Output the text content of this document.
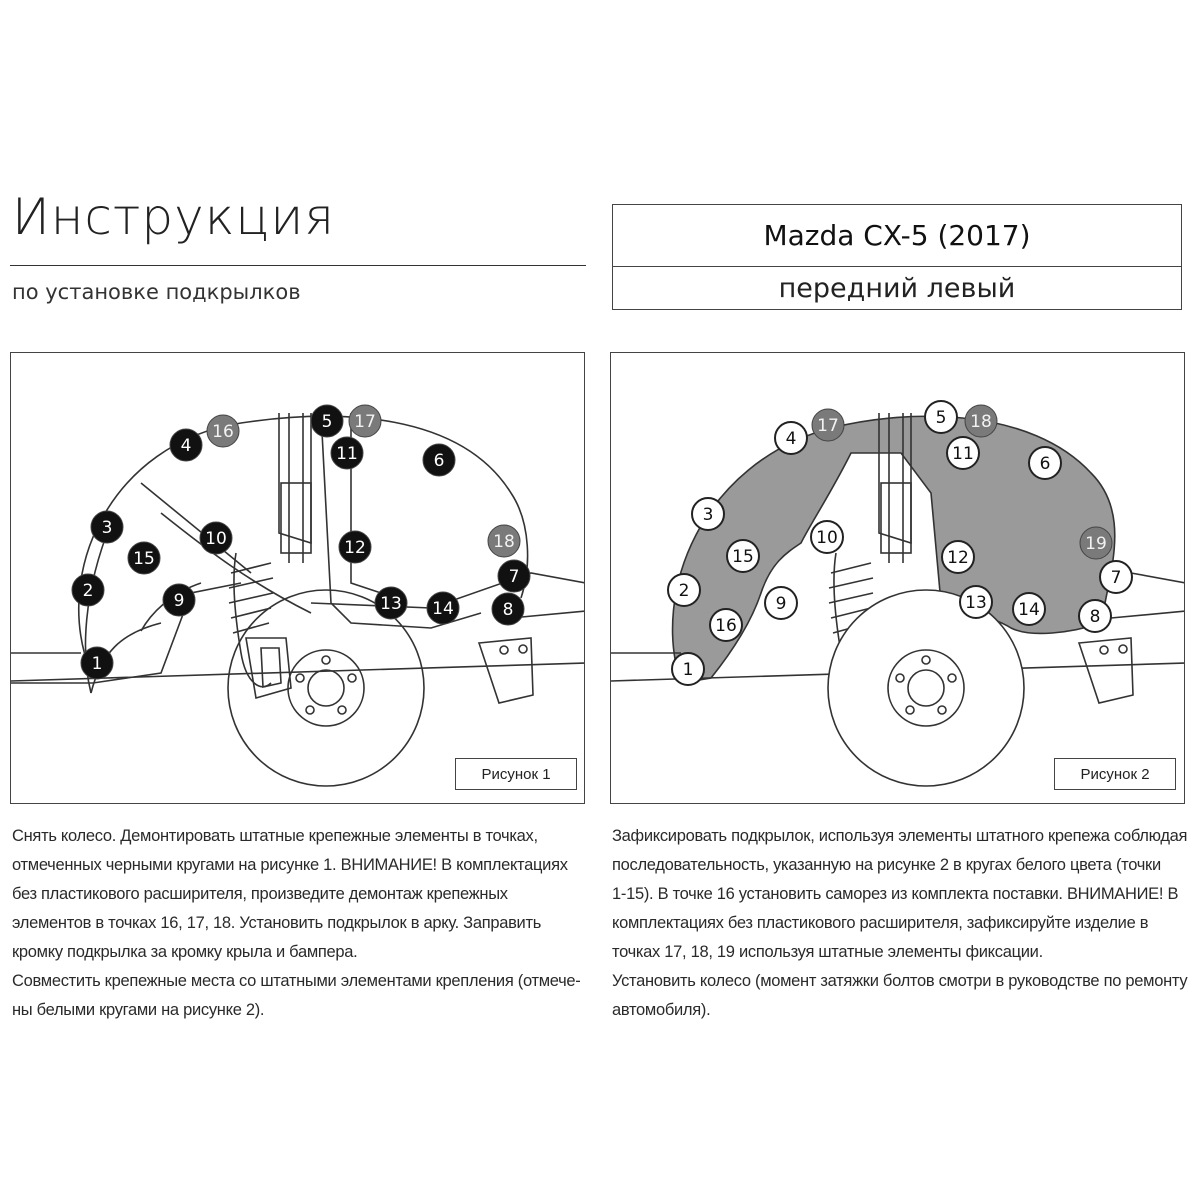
Инструкция
по установке подкрылков
Mazda CX-5 (2017)
передний левый
1
2
3
4
5
6
7
8
9
10
11
12
13 14
15
16	17
18
Рисунок 1
1
2
3
4
5
6
7
8
9
10
11
12
13 14
15
16
17	18
19
Рисунок 2

Снять колесо. Демонтировать штатные крепежные элементы в точках,

отмеченных черными кругами на рисунке 1. ВНИМАНИЕ! В комплектациях

без пластикового расширителя, произведите демонтаж крепежных

элементов в точках 16, 17, 18. Установить подкрылок в арку. Заправить

кромку подкрылка за кромку крыла и бампера.

Совместить крепежные места со штатными элементами крепления (отмече-

ны белыми кругами на рисунке 2).

Зафиксировать подкрылок, используя элементы штатного крепежа соблюдая

последовательность, указанную на рисунке 2 в кругах белого цвета (точки

1-15). В точке 16 установить саморез из комплекта поставки. ВНИМАНИЕ! В

комплектациях без пластикового расширителя, зафиксируйте изделие в

точках 17, 18, 19 используя штатные элементы фиксации.

Установить колесо (момент затяжки болтов смотри в руководстве по ремонту

автомобиля).
